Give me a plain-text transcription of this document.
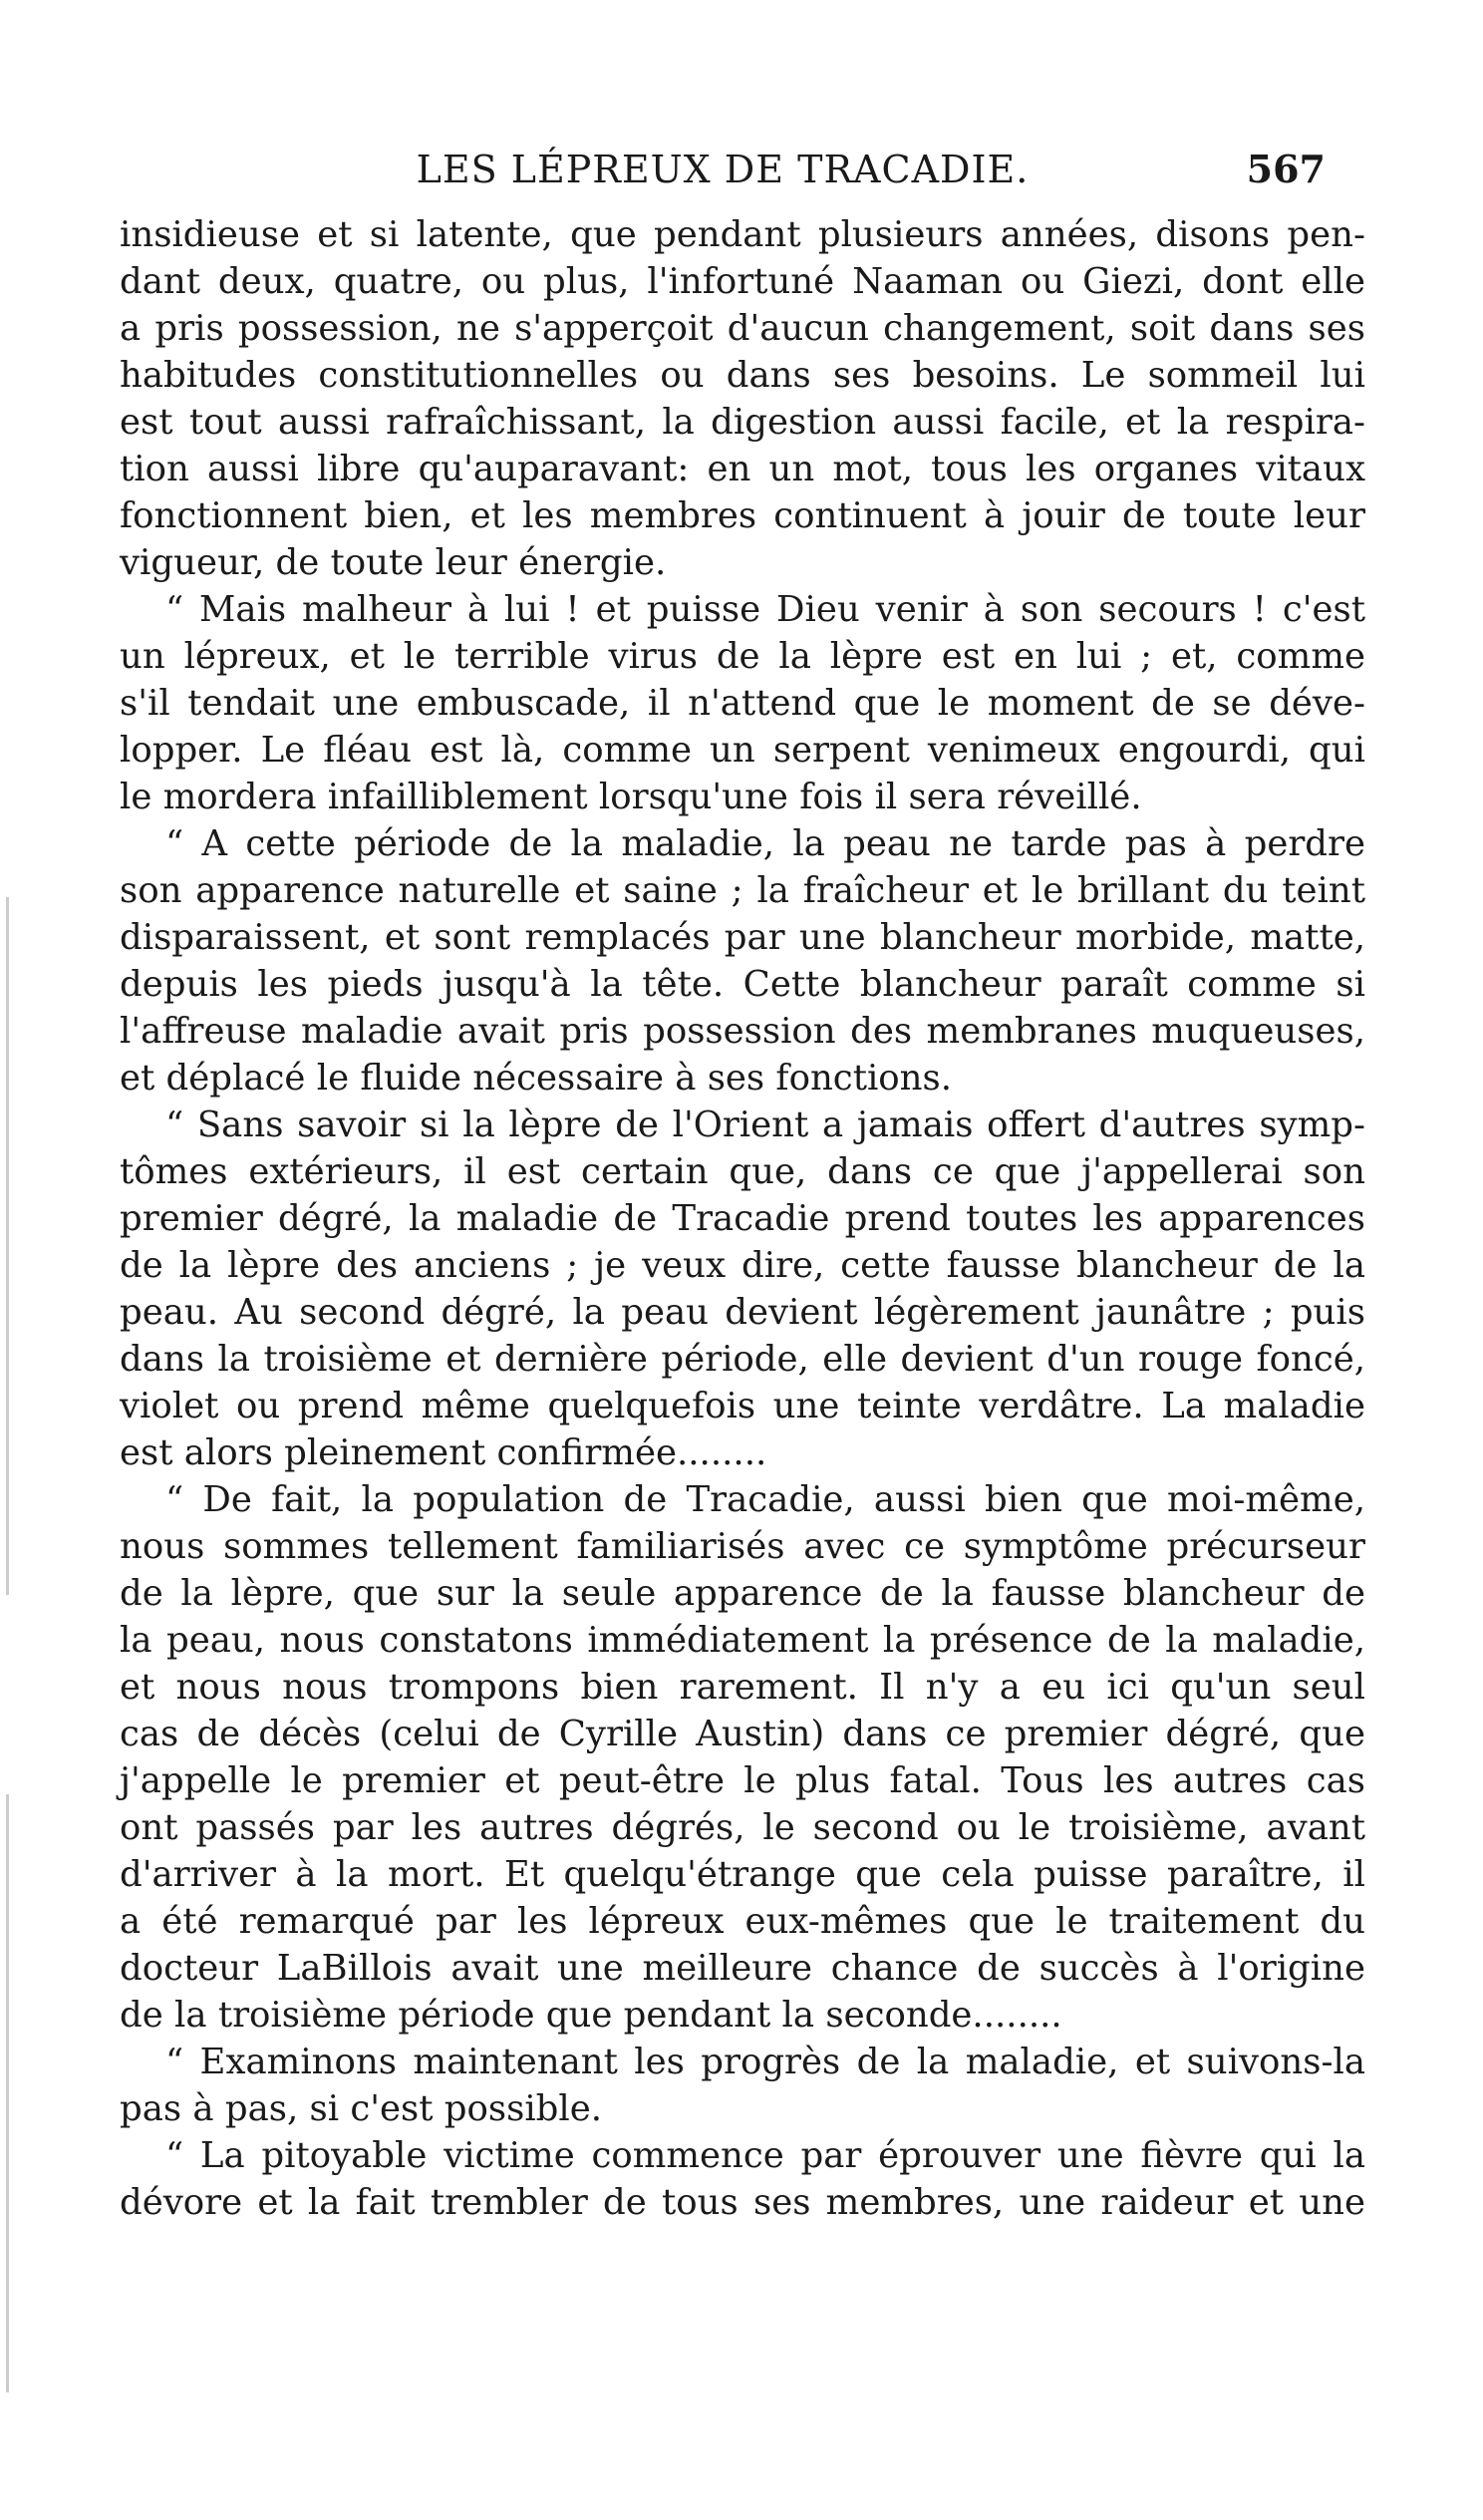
LES LÉPREUX DE TRACADIE.	567

insidieuse et si latente, que pendant plusieurs années, disons pen-
dant deux, quatre, ou plus, l'infortuné Naaman ou Giezi, dont elle
a pris possession, ne s'apperçoit d'aucun changement, soit dans ses
habitudes constitutionnelles ou dans ses besoins. Le sommeil lui
est tout aussi rafraîchissant, la digestion aussi facile, et la respira-
tion aussi libre qu'auparavant: en un mot, tous les organes vitaux
fonctionnent bien, et les membres continuent à jouir de toute leur
vigueur, de toute leur énergie.

“ Mais malheur à lui ! et puisse Dieu venir à son secours ! c'est
un lépreux, et le terrible virus de la lèpre est en lui ; et, comme
s'il tendait une embuscade, il n'attend que le moment de se déve-
lopper. Le fléau est là, comme un serpent venimeux engourdi, qui
le mordera infailliblement lorsqu'une fois il sera réveillé.

“ A cette période de la maladie, la peau ne tarde pas à perdre
son apparence naturelle et saine ; la fraîcheur et le brillant du teint
disparaissent, et sont remplacés par une blancheur morbide, matte,
depuis les pieds jusqu'à la tête. Cette blancheur paraît comme si
l'affreuse maladie avait pris possession des membranes muqueuses,
et déplacé le fluide nécessaire à ses fonctions.

“ Sans savoir si la lèpre de l'Orient a jamais offert d'autres symp-
tômes extérieurs, il est certain que, dans ce que j'appellerai son
premier dégré, la maladie de Tracadie prend toutes les apparences
de la lèpre des anciens ; je veux dire, cette fausse blancheur de la
peau. Au second dégré, la peau devient légèrement jaunâtre ; puis
dans la troisième et dernière période, elle devient d'un rouge foncé,
violet ou prend même quelquefois une teinte verdâtre. La maladie
est alors pleinement confirmée........

“ De fait, la population de Tracadie, aussi bien que moi-même,
nous sommes tellement familiarisés avec ce symptôme précurseur
de la lèpre, que sur la seule apparence de la fausse blancheur de
la peau, nous constatons immédiatement la présence de la maladie,
et nous nous trompons bien rarement. Il n'y a eu ici qu'un seul
cas de décès (celui de Cyrille Austin) dans ce premier dégré, que
j'appelle le premier et peut-être le plus fatal. Tous les autres cas
ont passés par les autres dégrés, le second ou le troisième, avant
d'arriver à la mort. Et quelqu'étrange que cela puisse paraître, il
a été remarqué par les lépreux eux-mêmes que le traitement du
docteur LaBillois avait une meilleure chance de succès à l'origine
de la troisième période que pendant la seconde........

“ Examinons maintenant les progrès de la maladie, et suivons-la
pas à pas, si c'est possible.

“ La pitoyable victime commence par éprouver une fièvre qui la
dévore et la fait trembler de tous ses membres, une raideur et une
